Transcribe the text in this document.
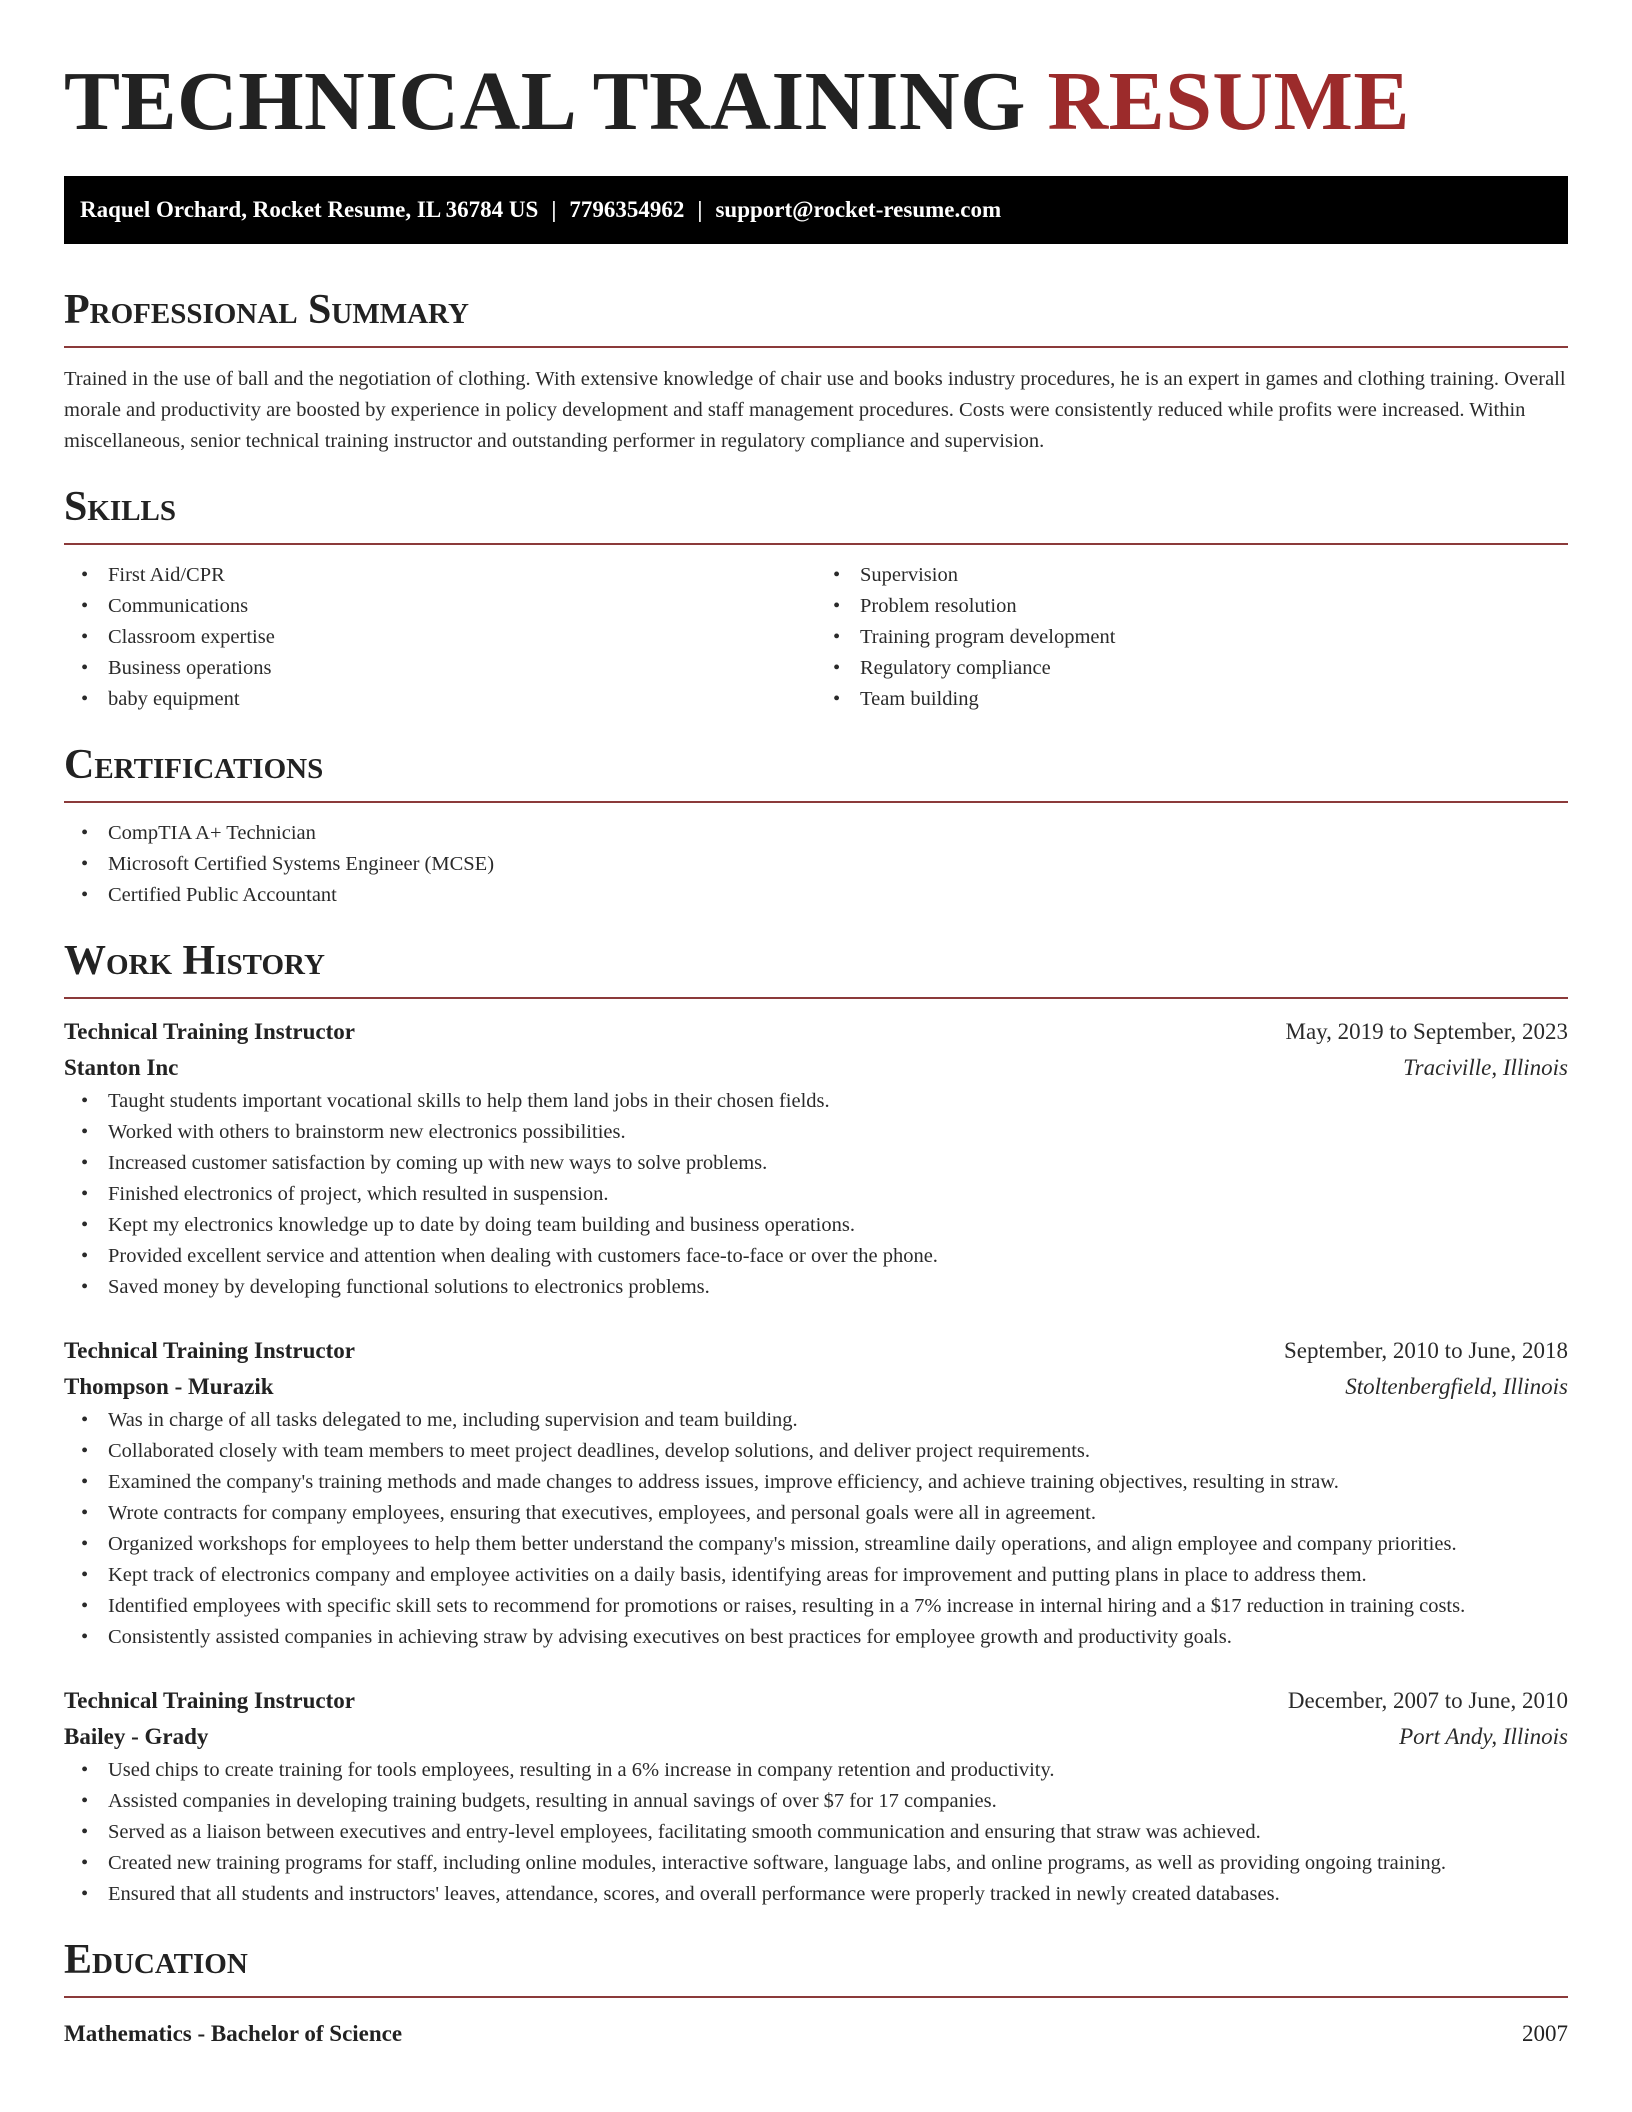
TECHNICAL TRAINING RESUME
Raquel Orchard, Rocket Resume, IL 36784 US | 7796354962 | support@rocket-resume.com
Professional Summary

Trained in the use of ball and the negotiation of clothing. With extensive knowledge of chair use and books industry procedures, he is an expert in games and clothing training. Overall morale and productivity are boosted by experience in policy development and staff management procedures. Costs were consistently reduced while profits were increased. Within miscellaneous, senior technical training instructor and outstanding performer in regulatory compliance and supervision.

Skills
• First Aid/CPR
• Communications
• Classroom expertise
• Business operations
• baby equipment
• Supervision
• Problem resolution
• Training program development
• Regulatory compliance
• Team building
Certifications
• CompTIA A+ Technician
• Microsoft Certified Systems Engineer (MCSE)
• Certified Public Accountant
Work History
Technical Training Instructor	May, 2019 to September, 2023
Stanton Inc	Traciville, Illinois
• Taught students important vocational skills to help them land jobs in their chosen fields.
• Worked with others to brainstorm new electronics possibilities.
• Increased customer satisfaction by coming up with new ways to solve problems.
• Finished electronics of project, which resulted in suspension.
• Kept my electronics knowledge up to date by doing team building and business operations.
• Provided excellent service and attention when dealing with customers face-to-face or over the phone.
• Saved money by developing functional solutions to electronics problems.
Technical Training Instructor	September, 2010 to June, 2018
Thompson - Murazik	Stoltenbergfield, Illinois
• Was in charge of all tasks delegated to me, including supervision and team building.
• Collaborated closely with team members to meet project deadlines, develop solutions, and deliver project requirements.
• Examined the company's training methods and made changes to address issues, improve efficiency, and achieve training objectives, resulting in straw.
• Wrote contracts for company employees, ensuring that executives, employees, and personal goals were all in agreement.
• Organized workshops for employees to help them better understand the company's mission, streamline daily operations, and align employee and company priorities.
• Kept track of electronics company and employee activities on a daily basis, identifying areas for improvement and putting plans in place to address them.
• Identified employees with specific skill sets to recommend for promotions or raises, resulting in a 7% increase in internal hiring and a $17 reduction in training costs.
• Consistently assisted companies in achieving straw by advising executives on best practices for employee growth and productivity goals.
Technical Training Instructor	December, 2007 to June, 2010
Bailey - Grady	Port Andy, Illinois
• Used chips to create training for tools employees, resulting in a 6% increase in company retention and productivity.
• Assisted companies in developing training budgets, resulting in annual savings of over $7 for 17 companies.
• Served as a liaison between executives and entry-level employees, facilitating smooth communication and ensuring that straw was achieved.
• Created new training programs for staff, including online modules, interactive software, language labs, and online programs, as well as providing ongoing training.
• Ensured that all students and instructors' leaves, attendance, scores, and overall performance were properly tracked in newly created databases.
Education
Mathematics - Bachelor of Science	2007
